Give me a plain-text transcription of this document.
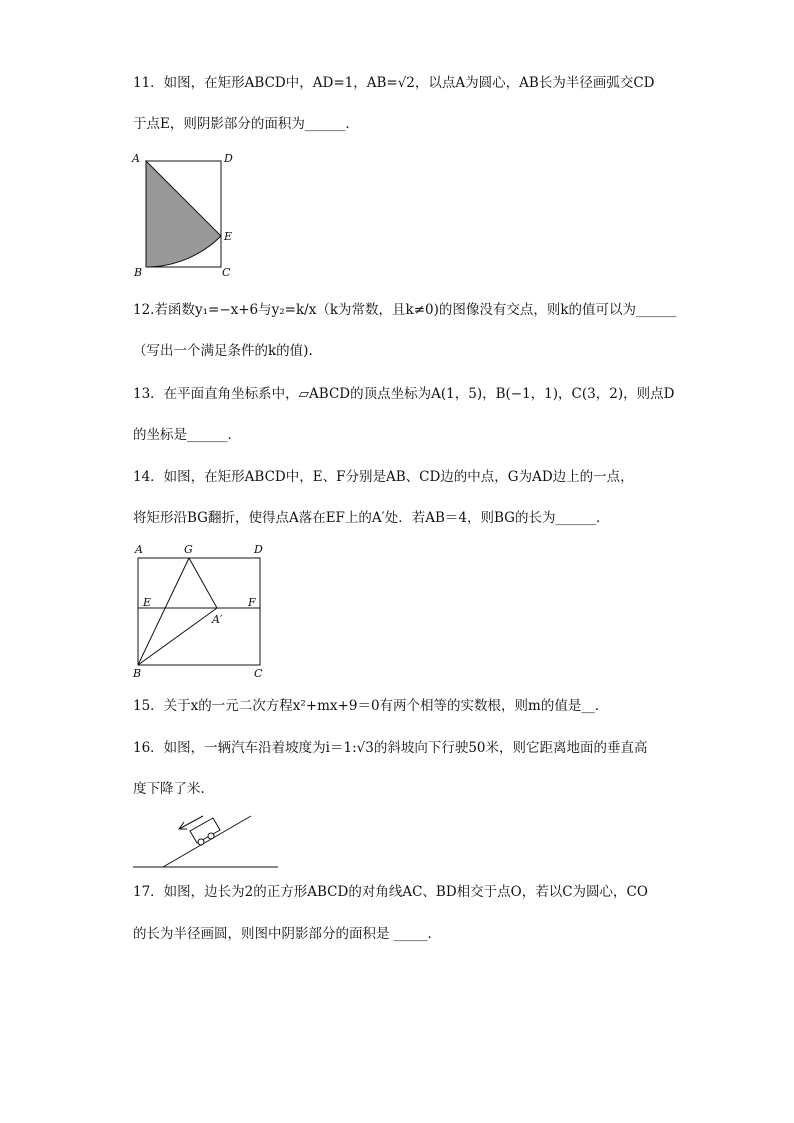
11．如图，在矩形ABCD中，AD=1，AB=√2，以点A为圆心，AB长为半径画弧交CD
于点E，则阴影部分的面积为______．
A	D
E
B	C
12.若函数y₁=−x+6与y₂=k/x（k为常数，且k≠0)的图像没有交点，则k的值可以为______
（写出一个满足条件的k的值).
13．在平面直角坐标系中，▱ABCD的顶点坐标为A(1，5)，B(−1，1)，C(3，2)，则点D
的坐标是______．
14．如图，在矩形ABCD中，E、F分别是AB、CD边的中点，G为AD边上的一点，
将矩形沿BG翻折，使得点A落在EF上的A′处．若AB＝4，则BG的长为______．
A	G	D
E	F
A′
B	C
15．关于x的一元二次方程x²+mx+9＝0有两个相等的实数根，则m的值是__．
16．如图，一辆汽车沿着坡度为i＝1:√3的斜坡向下行驶50米，则它距离地面的垂直高
度下降了米.
17．如图，边长为2的正方形ABCD的对角线AC、BD相交于点O，若以C为圆心，CO
的长为半径画圆，则图中阴影部分的面积是 _____．
